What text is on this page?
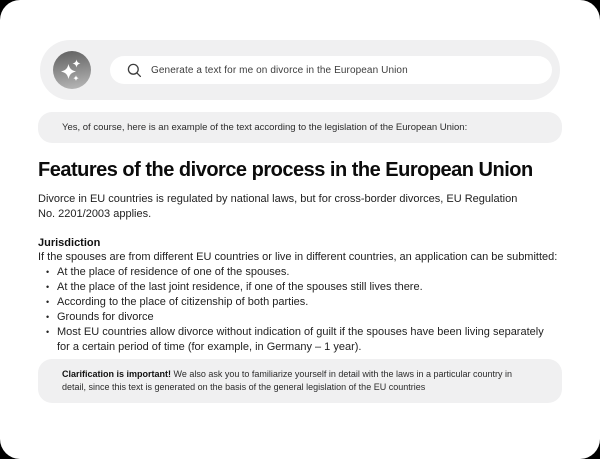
Generate a text for me on divorce in the European Union
Yes, of course, here is an example of the text according to the legislation of the European Union:
Features of the divorce process in the European Union

Divorce in EU countries is regulated by national laws, but for cross-border divorces, EU Regulation No. 2201/2003 applies.

Jurisdiction

If the spouses are from different EU countries or live in different countries, an application can be submitted:

•
At the place of residence of one of the spouses.
•
At the place of the last joint residence, if one of the spouses still lives there.
•
According to the place of citizenship of both parties.
•
Grounds for divorce
•
Most EU countries allow divorce without indication of guilt if the spouses have been living separately for a certain period of time (for example, in Germany – 1 year).
Clarification is important! We also ask you to familiarize yourself in detail with the laws in a particular country in detail, since this text is generated on the basis of the general legislation of the EU countries
